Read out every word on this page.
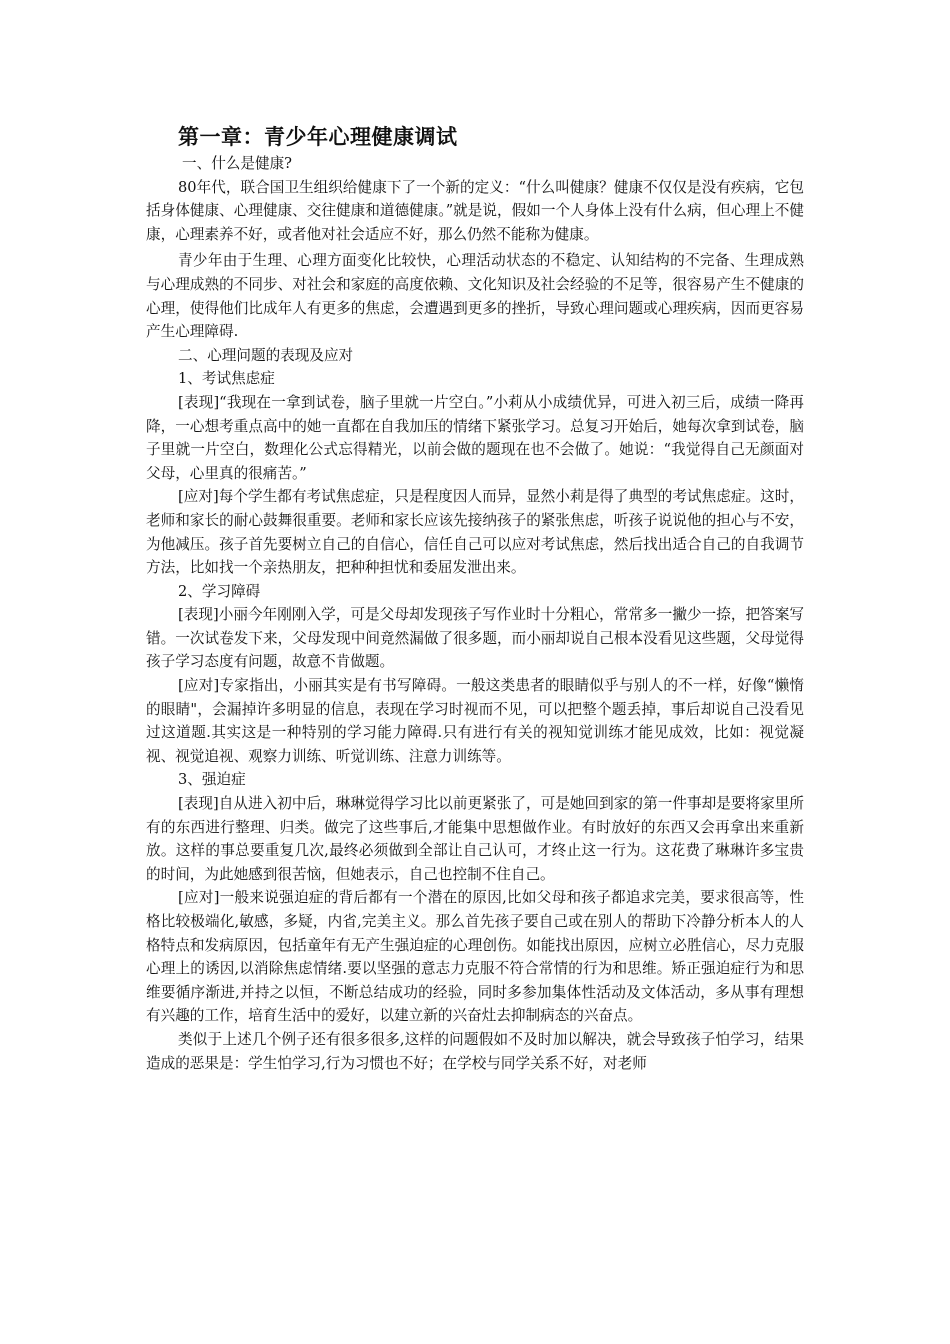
第一章：青少年心理健康调试
一、什么是健康?

80年代，联合国卫生组织给健康下了一个新的定义：“什么叫健康？健康不仅仅是没有疾病，它包括身体健康、心理健康、交往健康和道德健康。”就是说，假如一个人身体上没有什么病，但心理上不健康，心理素养不好，或者他对社会适应不好，那么仍然不能称为健康。

青少年由于生理、心理方面变化比较快，心理活动状态的不稳定、认知结构的不完备、生理成熟与心理成熟的不同步、对社会和家庭的高度依赖、文化知识及社会经验的不足等，很容易产生不健康的心理，使得他们比成年人有更多的焦虑，会遭遇到更多的挫折，导致心理问题或心理疾病，因而更容易产生心理障碍.

二、心理问题的表现及应对
1、考试焦虑症

[表现]“我现在一拿到试卷，脑子里就一片空白。”小莉从小成绩优异，可进入初三后，成绩一降再降，一心想考重点高中的她一直都在自我加压的情绪下紧张学习。总复习开始后，她每次拿到试卷，脑子里就一片空白，数理化公式忘得精光，以前会做的题现在也不会做了。她说：“我觉得自己无颜面对父母，心里真的很痛苦。”

[应对]每个学生都有考试焦虑症，只是程度因人而异，显然小莉是得了典型的考试焦虑症。这时，老师和家长的耐心鼓舞很重要。老师和家长应该先接纳孩子的紧张焦虑，听孩子说说他的担心与不安，为他减压。孩子首先要树立自己的自信心，信任自己可以应对考试焦虑，然后找出适合自己的自我调节方法，比如找一个亲热朋友，把种种担忧和委屈发泄出来。

2、学习障碍

[表现]小丽今年刚刚入学，可是父母却发现孩子写作业时十分粗心，常常多一撇少一捺，把答案写错。一次试卷发下来，父母发现中间竟然漏做了很多题，而小丽却说自己根本没看见这些题，父母觉得孩子学习态度有问题，故意不肯做题。

[应对]专家指出，小丽其实是有书写障碍。一般这类患者的眼睛似乎与别人的不一样，好像“懒惰的眼睛"，会漏掉许多明显的信息，表现在学习时视而不见，可以把整个题丢掉，事后却说自己没看见过这道题.其实这是一种特别的学习能力障碍.只有进行有关的视知觉训练才能见成效，比如：视觉凝视、视觉追视、观察力训练、听觉训练、注意力训练等。

3、强迫症

[表现]自从进入初中后，琳琳觉得学习比以前更紧张了，可是她回到家的第一件事却是要将家里所有的东西进行整理、归类。做完了这些事后,才能集中思想做作业。有时放好的东西又会再拿出来重新放。这样的事总要重复几次,最终必须做到全部让自己认可，才终止这一行为。这花费了琳琳许多宝贵的时间，为此她感到很苦恼，但她表示，自己也控制不住自己。

[应对]一般来说强迫症的背后都有一个潜在的原因,比如父母和孩子都追求完美，要求很高等，性格比较极端化,敏感，多疑，内省,完美主义。那么首先孩子要自己或在别人的帮助下冷静分析本人的人格特点和发病原因，包括童年有无产生强迫症的心理创伤。如能找出原因，应树立必胜信心，尽力克服心理上的诱因,以消除焦虑情绪.要以坚强的意志力克服不符合常情的行为和思维。矫正强迫症行为和思维要循序渐进,并持之以恒，不断总结成功的经验，同时多参加集体性活动及文体活动，多从事有理想有兴趣的工作，培育生活中的爱好，以建立新的兴奋灶去抑制病态的兴奋点。

类似于上述几个例子还有很多很多,这样的问题假如不及时加以解决，就会导致孩子怕学习，结果造成的恶果是：学生怕学习,行为习惯也不好；在学校与同学关系不好，对老师
